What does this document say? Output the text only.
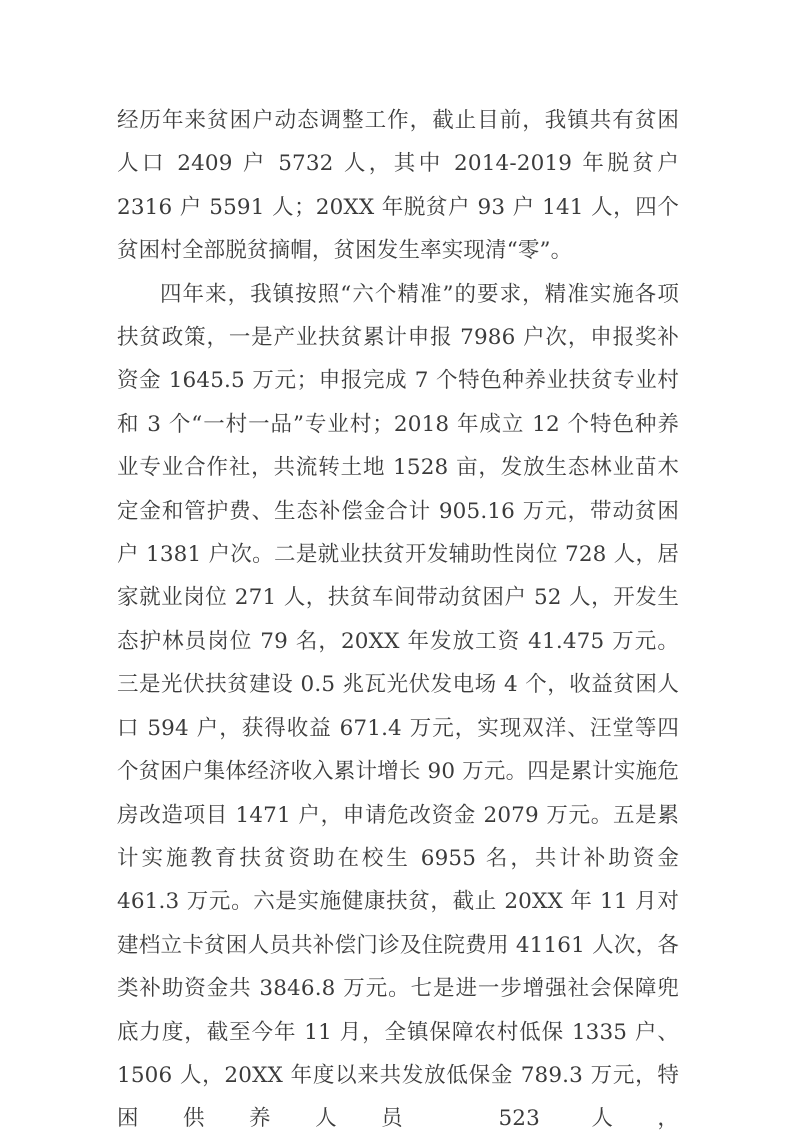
经历年来贫困户动态调整工作，截止目前，我镇共有贫困人口 2409 户 5732 人，其中 2014-2019 年脱贫户 2316 户 5591 人；20XX 年脱贫户 93 户 141 人，四个贫困村全部脱贫摘帽，贫困发生率实现清“零”。

四年来，我镇按照“六个精准”的要求，精准实施各项扶贫政策，一是产业扶贫累计申报 7986 户次，申报奖补资金 1645.5 万元；申报完成 7 个特色种养业扶贫专业村和 3 个“一村一品”专业村；2018 年成立 12 个特色种养业专业合作社，共流转土地 1528 亩，发放生态林业苗木定金和管护费、生态补偿金合计 905.16 万元，带动贫困户 1381 户次。二是就业扶贫开发辅助性岗位 728 人，居家就业岗位 271 人，扶贫车间带动贫困户 52 人，开发生态护林员岗位 79 名，20XX 年发放工资 41.475 万元。三是光伏扶贫建设 0.5 兆瓦光伏发电场 4 个，收益贫困人口 594 户，获得收益 671.4 万元，实现双洋、汪堂等四个贫困户集体经济收入累计增长 90 万元。四是累计实施危房改造项目 1471 户，申请危改资金 2079 万元。五是累计实施教育扶贫资助在校生 6955 名，共计补助资金 461.3 万元。六是实施健康扶贫，截止 20XX 年 11 月对建档立卡贫困人员共补偿门诊及住院费用 41161 人次，各类补助资金共 3846.8 万元。七是进一步增强社会保障兜底力度，截至今年 11 月，全镇保障农村低保 1335 户、1506 人，20XX 年度以来共发放低保金 789.3 万元，特困供养人员 523 人，
